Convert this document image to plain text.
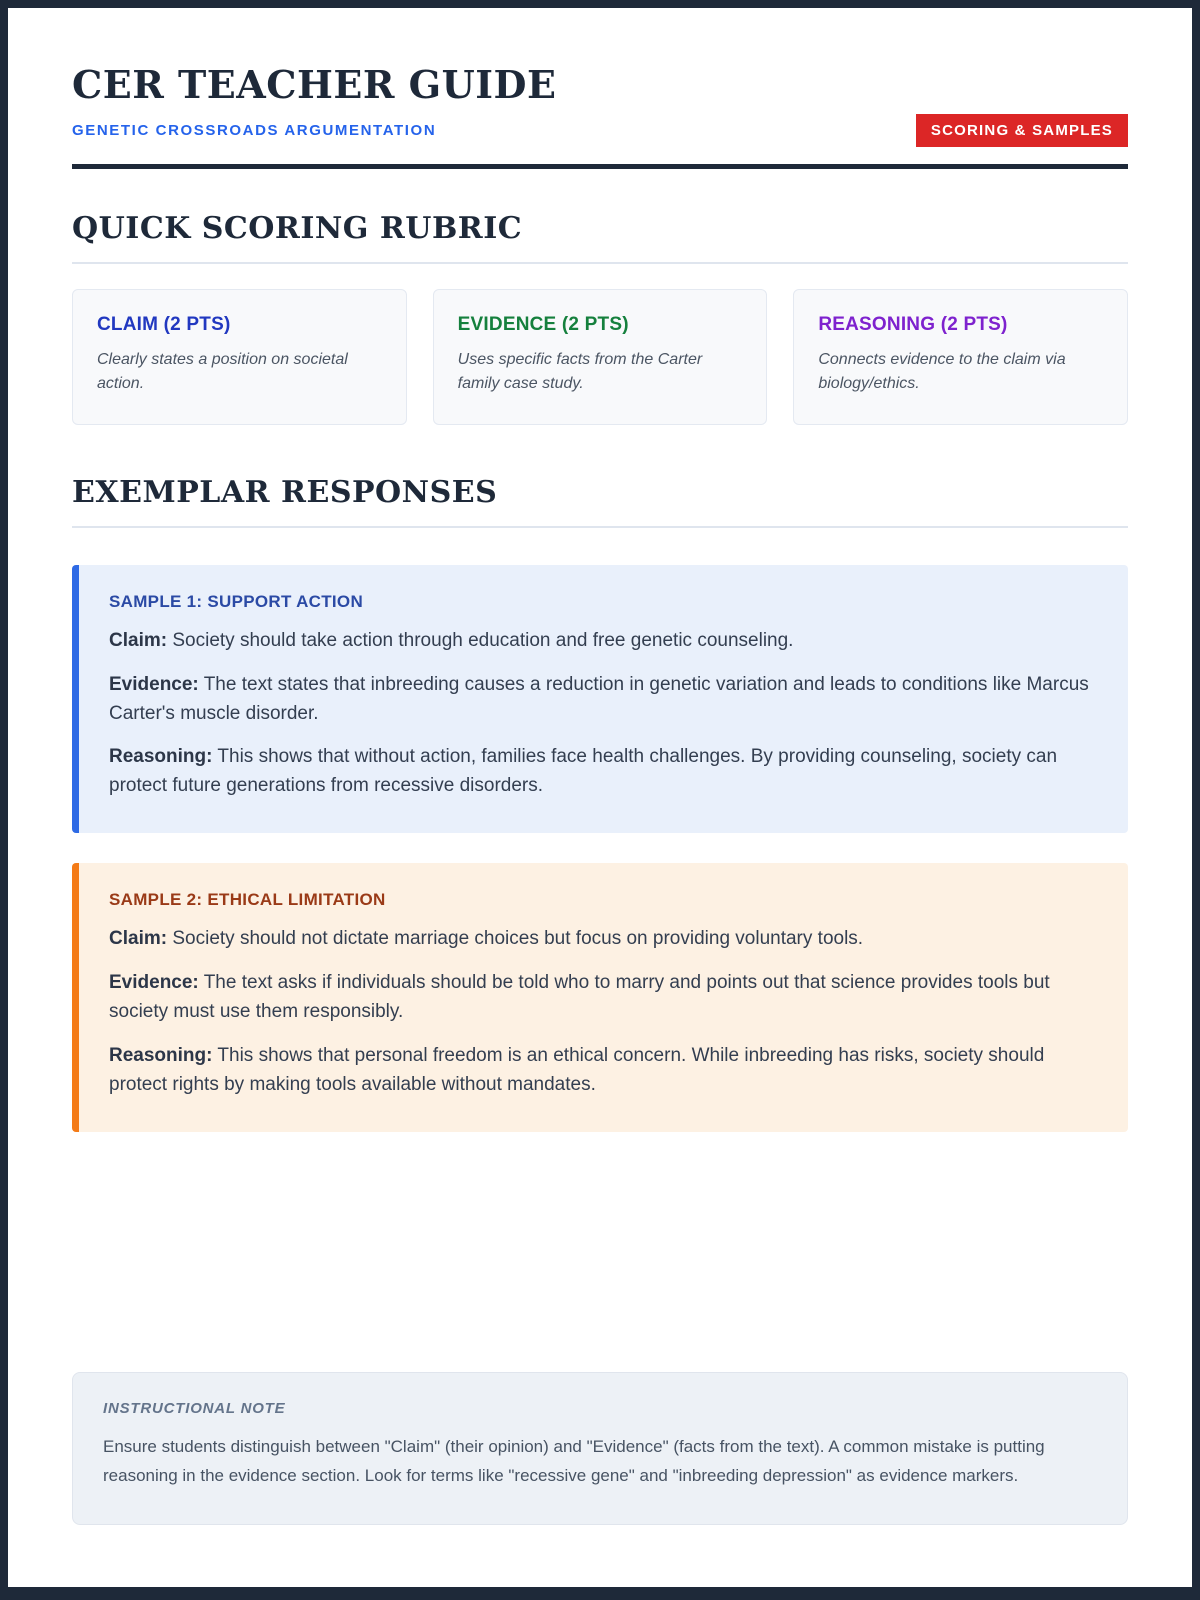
CER TEACHER GUIDE
GENETIC CROSSROADS ARGUMENTATION	SCORING & SAMPLES
QUICK SCORING RUBRIC
CLAIM (2 PTS)
Clearly states a position on societal action.
EVIDENCE (2 PTS)
Uses specific facts from the Carter family case study.
REASONING (2 PTS)
Connects evidence to the claim via biology/ethics.
EXEMPLAR RESPONSES
SAMPLE 1: SUPPORT ACTION

Claim: Society should take action through education and free genetic counseling.

Evidence: The text states that inbreeding causes a reduction in genetic variation and leads to conditions like Marcus Carter's muscle disorder.

Reasoning: This shows that without action, families face health challenges. By providing counseling, society can protect future generations from recessive disorders.

SAMPLE 2: ETHICAL LIMITATION

Claim: Society should not dictate marriage choices but focus on providing voluntary tools.

Evidence: The text asks if individuals should be told who to marry and points out that science provides tools but society must use them responsibly.

Reasoning: This shows that personal freedom is an ethical concern. While inbreeding has risks, society should protect rights by making tools available without mandates.

INSTRUCTIONAL NOTE
Ensure students distinguish between "Claim" (their opinion) and "Evidence" (facts from the text). A common mistake is putting reasoning in the evidence section. Look for terms like "recessive gene" and "inbreeding depression" as evidence markers.
